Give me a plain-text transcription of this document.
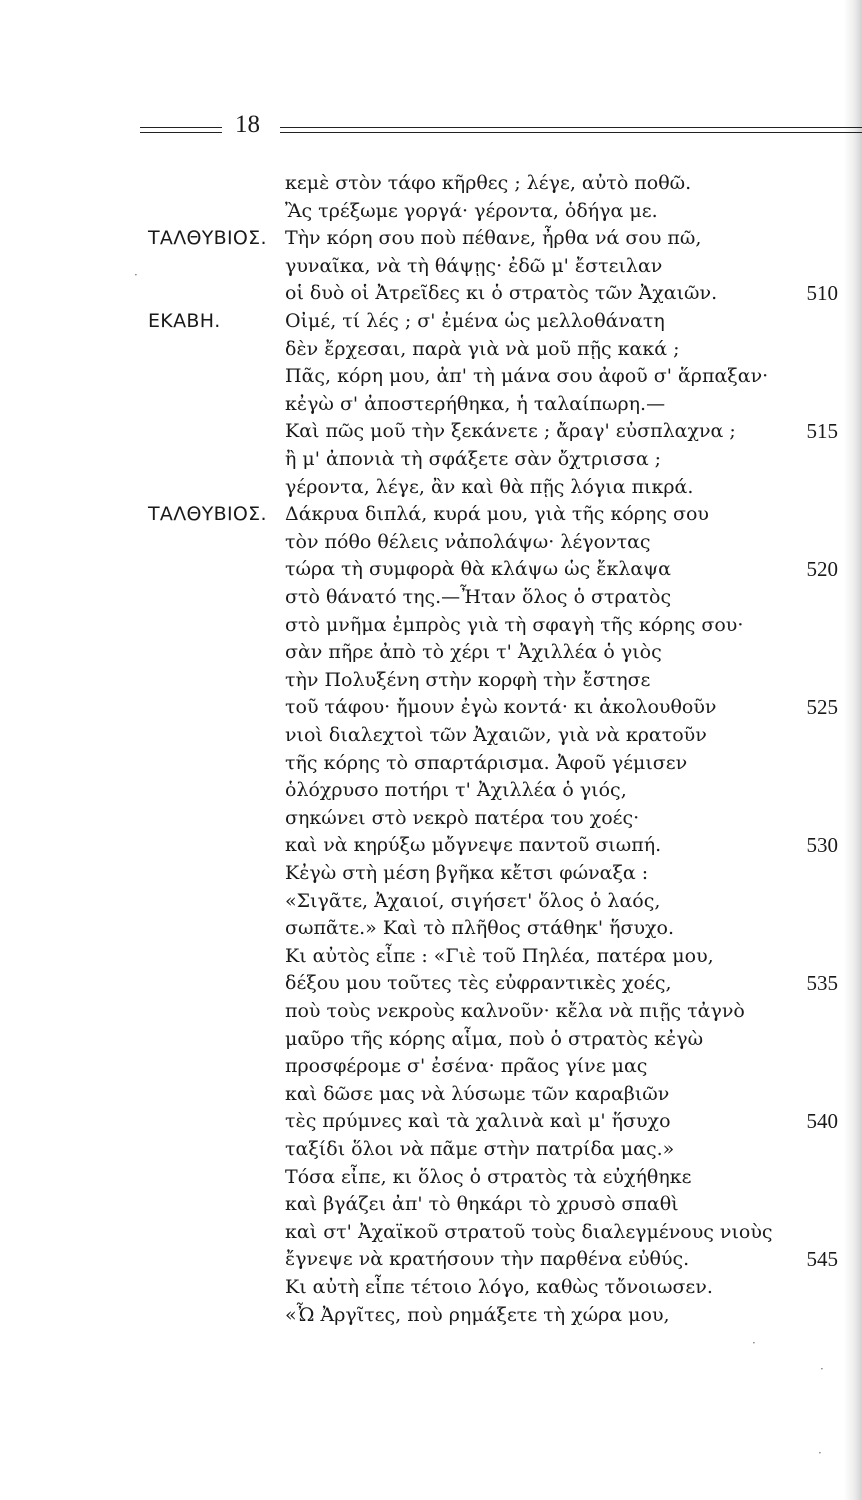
18
κεμὲ στὸν τάφο κῆρθες ; λέγε, αὐτὸ ποθῶ.
Ἂς τρέξωμε γοργά· γέροντα, ὁδήγα με.
ΤΑΛΘΥΒΙΟΣ. Τὴν κόρη σου ποὺ πέθανε, ἦρθα νά σου πῶ,
γυναῖκα, νὰ τὴ θάψῃς· ἐδῶ μ' ἔστειλαν
οἱ δυὸ οἱ Ἀτρεῖδες κι ὁ στρατὸς τῶν Ἀχαιῶν.	510
ΕΚΑΒΗ.	Οἰμέ, τί λές ; σ' ἐμένα ὡς μελλοθάνατη
δὲν ἔρχεσαι, παρὰ γιὰ νὰ μοῦ πῇς κακά ;
Πᾶς, κόρη μου, ἀπ' τὴ μάνα σου ἀφοῦ σ' ἅρπαξαν·
κἐγὼ σ' ἀποστερήθηκα, ἡ ταλαίπωρη.—
Καὶ πῶς μοῦ τὴν ξεκάνετε ; ἄραγ' εὐσπλαχνα ;	515
ἢ μ' ἀπονιὰ τὴ σφάξετε σὰν ὄχτρισσα ;
γέροντα, λέγε, ἂν καὶ θὰ πῇς λόγια πικρά.
ΤΑΛΘΥΒΙΟΣ. Δάκρυα διπλά, κυρά μου, γιὰ τῆς κόρης σου
τὸν πόθο θέλεις νἀπολάψω· λέγοντας
τώρα τὴ συμφορὰ θὰ κλάψω ὡς ἔκλαψα	520
στὸ θάνατό της.—Ἦταν ὅλος ὁ στρατὸς
στὸ μνῆμα ἐμπρὸς γιὰ τὴ σφαγὴ τῆς κόρης σου·
σὰν πῆρε ἀπὸ τὸ χέρι τ' Ἀχιλλέα ὁ γιὸς
τὴν Πολυξένη στὴν κορφὴ τὴν ἔστησε
τοῦ τάφου· ἤμουν ἐγὼ κοντά· κι ἀκολουθοῦν	525
νιοὶ διαλεχτοὶ τῶν Ἀχαιῶν, γιὰ νὰ κρατοῦν
τῆς κόρης τὸ σπαρτάρισμα. Ἀφοῦ γέμισεν
ὁλόχρυσο ποτήρι τ' Ἀχιλλέα ὁ γιός,
σηκώνει στὸ νεκρὸ πατέρα του χοές·
καὶ νὰ κηρύξω μὄγνεψε παντοῦ σιωπή.	530
Κἐγὼ στὴ μέση βγῆκα κἔτσι φώναξα :
«Σιγᾶτε, Ἀχαιοί, σιγήσετ' ὅλος ὁ λαός,
σωπᾶτε.» Καὶ τὸ πλῆθος στάθηκ' ἥσυχο.
Κι αὐτὸς εἶπε : «Γιὲ τοῦ Πηλέα, πατέρα μου,
δέξου μου τοῦτες τὲς εὐφραντικὲς χοές,	535
ποὺ τοὺς νεκροὺς καλνοῦν· κἔλα νὰ πιῇς τἀγνὸ
μαῦρο τῆς κόρης αἷμα, ποὺ ὁ στρατὸς κἐγὼ
προσφέρομε σ' ἐσένα· πρᾶος γίνε μας
καὶ δῶσε μας νὰ λύσωμε τῶν καραβιῶν
τὲς πρύμνες καὶ τὰ χαλινὰ καὶ μ' ἥσυχο	540
ταξίδι ὅλοι νὰ πᾶμε στὴν πατρίδα μας.»
Τόσα εἶπε, κι ὅλος ὁ στρατὸς τὰ εὐχήθηκε
καὶ βγάζει ἀπ' τὸ θηκάρι τὸ χρυσὸ σπαθὶ
καὶ στ' Ἀχαϊκοῦ στρατοῦ τοὺς διαλεγμένους νιοὺς
ἔγνεψε νὰ κρατήσουν τὴν παρθένα εὐθύς.	545
Κι αὐτὴ εἶπε τέτοιο λόγο, καθὼς τὄνοιωσεν.
«Ὦ Ἀργῖτες, ποὺ ρημάξετε τὴ χώρα μου,
·
·
·
·
